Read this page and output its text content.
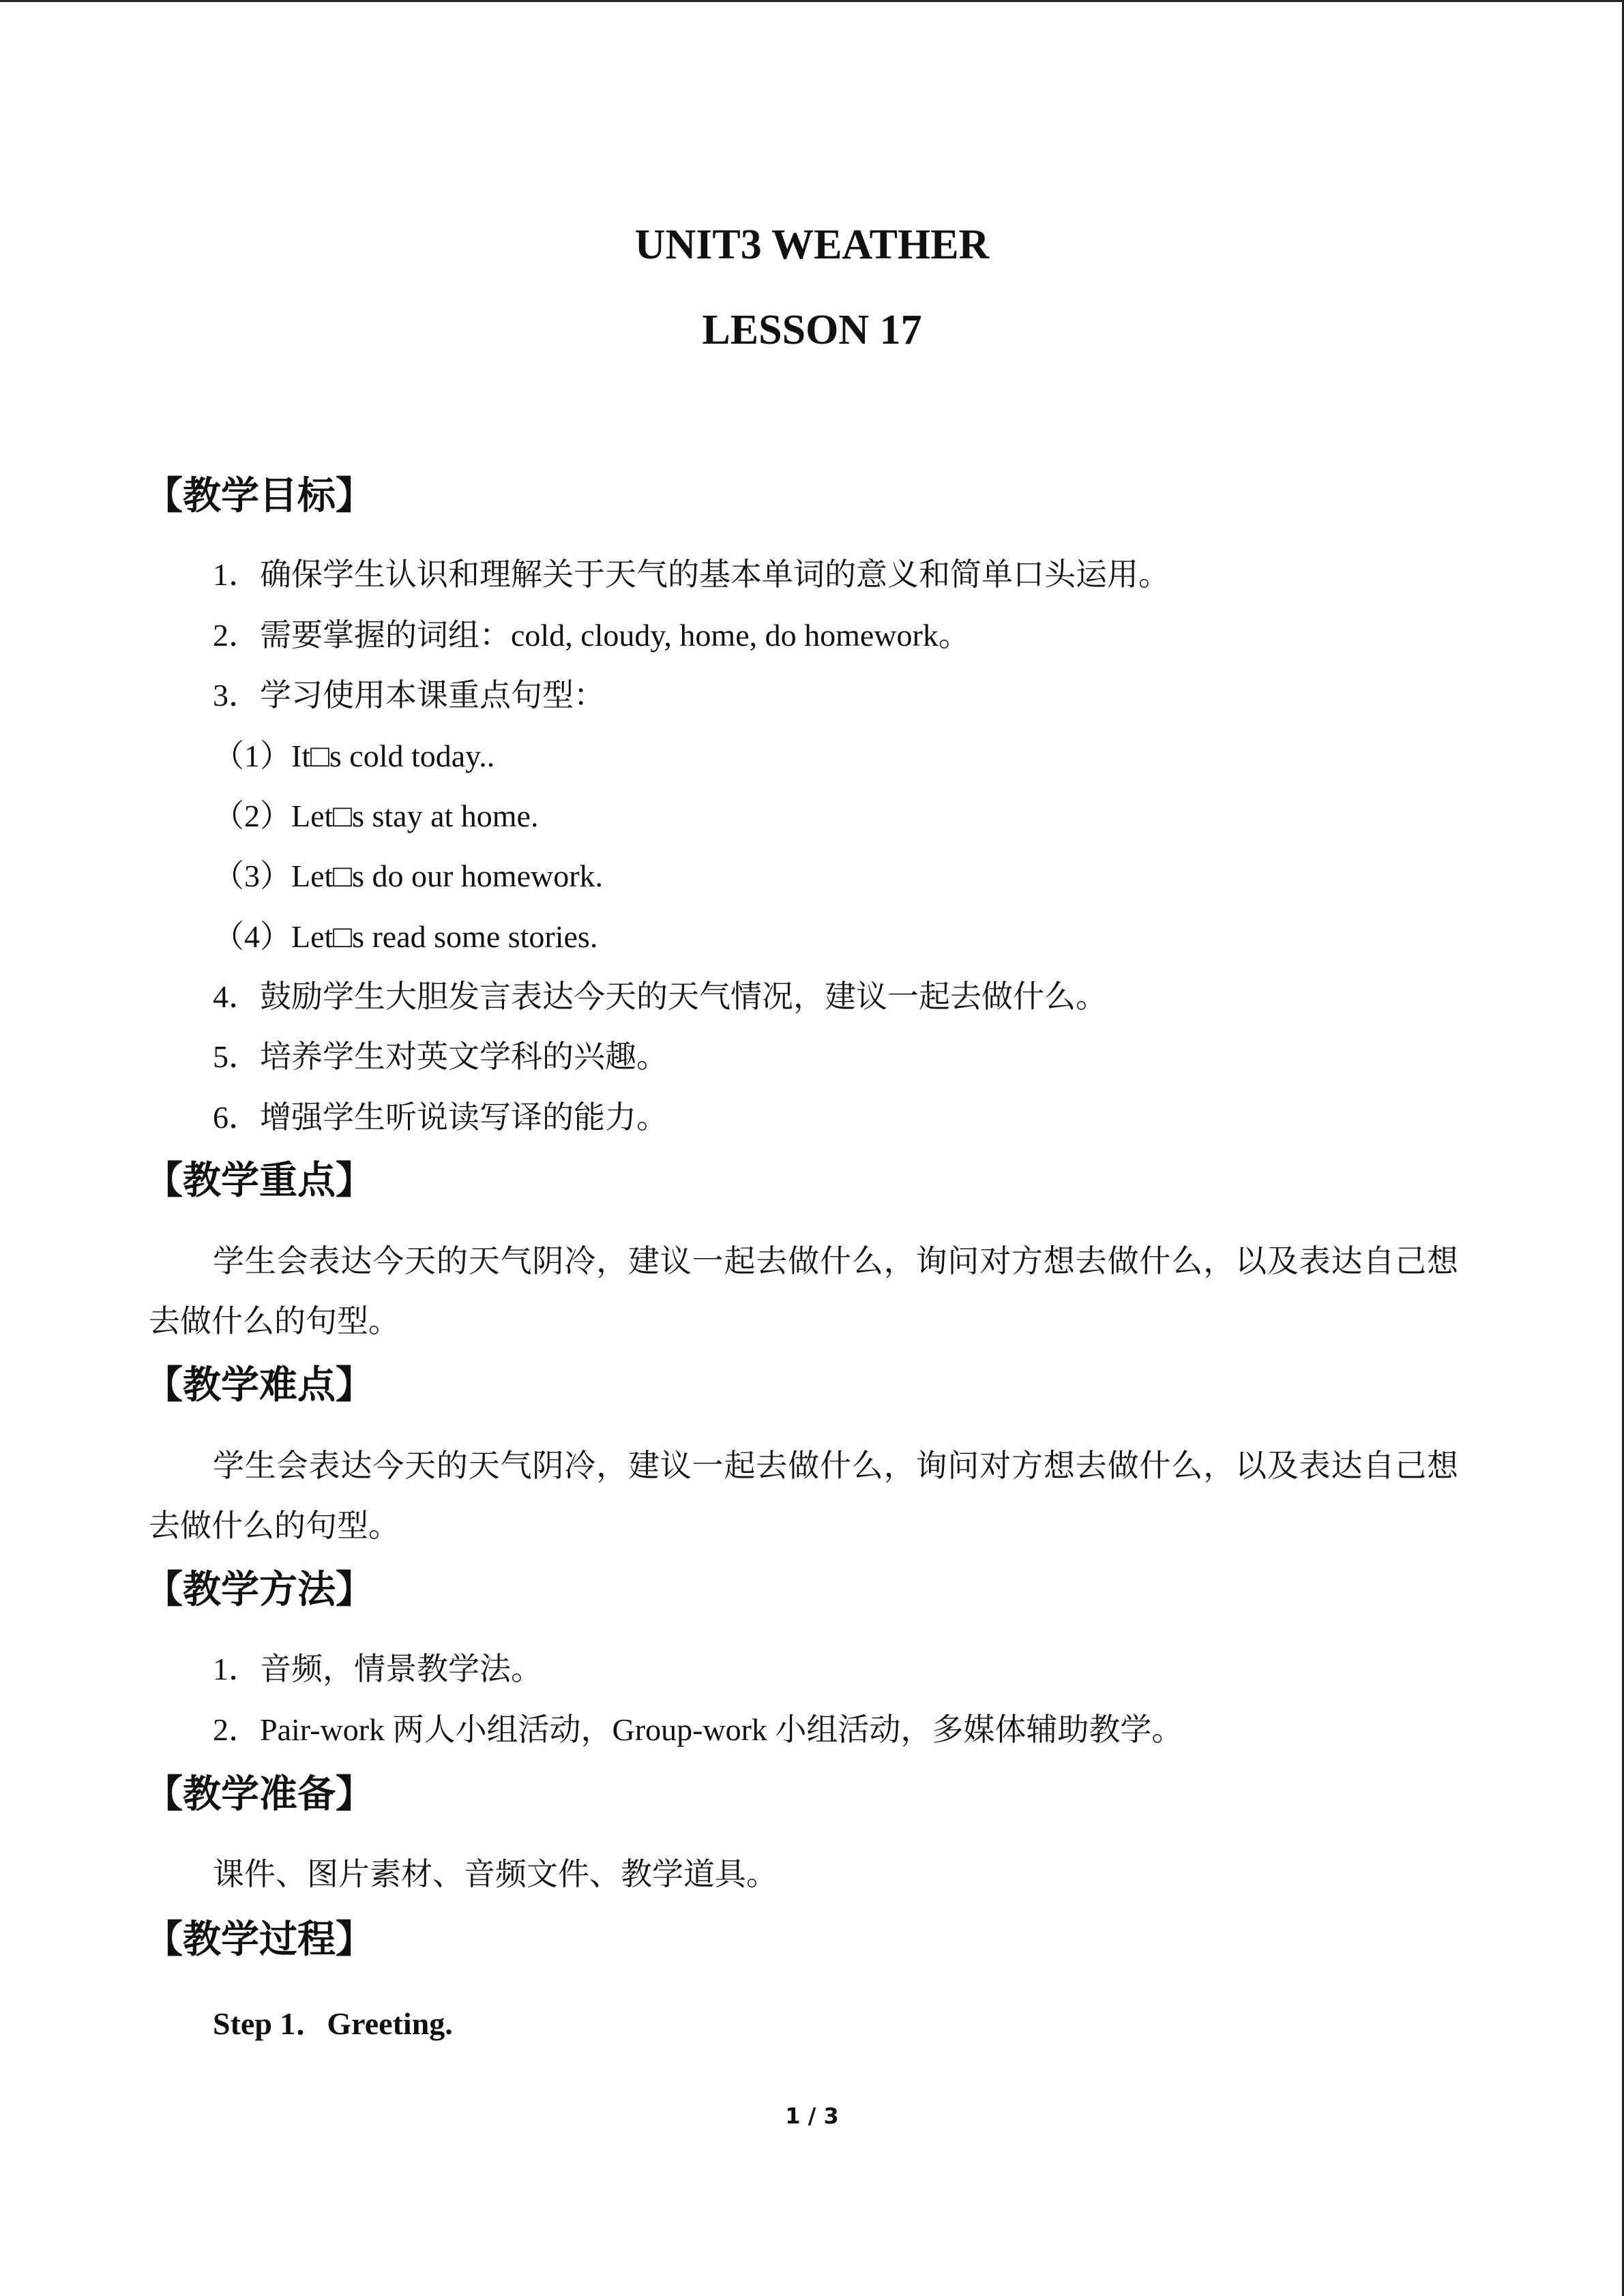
UNIT3 WEATHER
LESSON 17
【教学目标】
1．确保学生认识和理解关于天气的基本单词的意义和简单口头运用。
2．需要掌握的词组：cold, cloudy, home, do homework。
3．学习使用本课重点句型：
（1）It□s cold today..
（2）Let□s stay at home.
（3）Let□s do our homework.
（4）Let□s read some stories.
4．鼓励学生大胆发言表达今天的天气情况，建议一起去做什么。
5．培养学生对英文学科的兴趣。
6．增强学生听说读写译的能力。
【教学重点】
学生会表达今天的天气阴冷，建议一起去做什么，询问对方想去做什么，以及表达自己想去做什么的句型。
【教学难点】
学生会表达今天的天气阴冷，建议一起去做什么，询问对方想去做什么，以及表达自己想去做什么的句型。
【教学方法】
1．音频，情景教学法。
2．Pair-work 两人小组活动，Group-work 小组活动，多媒体辅助教学。
【教学准备】
课件、图片素材、音频文件、教学道具。
【教学过程】
Step 1．Greeting.
1 / 3
